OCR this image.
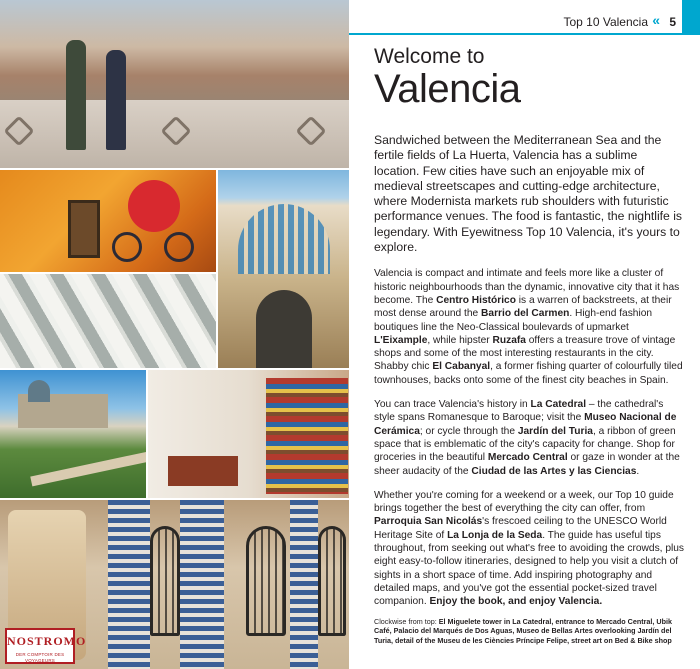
NOSTROMO
DER COMPTOIR DES VOYAGEURS
Top 10 Valencia « 5
Welcome to
Valencia

Sandwiched between the Mediterranean Sea and the fertile fields of La Huerta, Valencia has a sublime location. Few cities have such an enjoyable mix of medieval streetscapes and cutting-edge architecture, where Modernista markets rub shoulders with futuristic performance venues. The food is fantastic, the nightlife is legendary. With Eyewitness Top 10 Valencia, it's yours to explore.

Valencia is compact and intimate and feels more like a cluster of historic neighbourhoods than the dynamic, innovative city that it has become. The Centro Histórico is a warren of backstreets, at their most dense around the Barrio del Carmen. High-end fashion boutiques line the Neo-Classical boulevards of upmarket L'Eixample, while hipster Ruzafa offers a treasure trove of vintage shops and some of the most interesting restaurants in the city. Shabby chic El Cabanyal, a former fishing quarter of colourfully tiled townhouses, backs onto some of the finest city beaches in Spain.

You can trace Valencia's history in La Catedral – the cathedral's style spans Romanesque to Baroque; visit the Museo Nacional de Cerámica; or cycle through the Jardín del Turia, a ribbon of green space that is emblematic of the city's capacity for change. Shop for groceries in the beautiful Mercado Central or gaze in wonder at the sheer audacity of the Ciudad de las Artes y las Ciencias.

Whether you're coming for a weekend or a week, our Top 10 guide brings together the best of everything the city can offer, from Parroquia San Nicolás's frescoed ceiling to the UNESCO World Heritage Site of La Lonja de la Seda. The guide has useful tips throughout, from seeking out what's free to avoiding the crowds, plus eight easy-to-follow itineraries, designed to help you visit a clutch of sights in a short space of time. Add inspiring photography and detailed maps, and you've got the essential pocket-sized travel companion. Enjoy the book, and enjoy Valencia.

Clockwise from top: El Miguelete tower in La Catedral, entrance to Mercado Central, Ubik Café, Palacio del Marqués de Dos Aguas, Museo de Bellas Artes overlooking Jardín del Turia, detail of the Museu de les Ciències Príncipe Felipe, street art on Bed & Bike shop
